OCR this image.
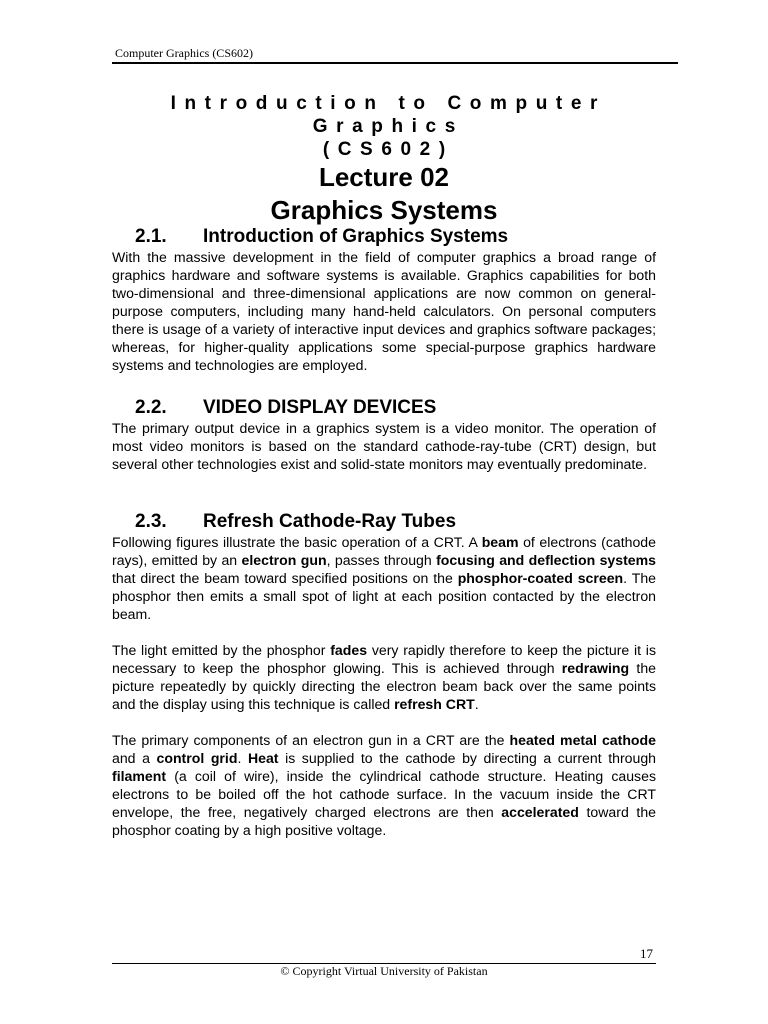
Computer Graphics (CS602)
Introduction to Computer Graphics
(CS602)
Lecture 02
Graphics Systems
2.1. Introduction of Graphics Systems

With the massive development in the field of computer graphics a broad range of graphics hardware and software systems is available. Graphics capabilities for both two-dimensional and three-dimensional applications are now common on general-purpose computers, including many hand-held calculators. On personal computers there is usage of a variety of interactive input devices and graphics software packages; whereas, for higher-quality applications some special-purpose graphics hardware systems and technologies are employed.

2.2. VIDEO DISPLAY DEVICES

The primary output device in a graphics system is a video monitor. The operation of most video monitors is based on the standard cathode-ray-tube (CRT) design, but several other technologies exist and solid-state monitors may eventually predominate.

2.3. Refresh Cathode-Ray Tubes

Following figures illustrate the basic operation of a CRT. A beam of electrons (cathode rays), emitted by an electron gun, passes through focusing and deflection systems that direct the beam toward specified positions on the phosphor-coated screen. The phosphor then emits a small spot of light at each position contacted by the electron beam.

The light emitted by the phosphor fades very rapidly therefore to keep the picture it is necessary to keep the phosphor glowing. This is achieved through redrawing the picture repeatedly by quickly directing the electron beam back over the same points and the display using this technique is called refresh CRT.

The primary components of an electron gun in a CRT are the heated metal cathode and a control grid. Heat is supplied to the cathode by directing a current through filament (a coil of wire), inside the cylindrical cathode structure. Heating causes electrons to be boiled off the hot cathode surface. In the vacuum inside the CRT envelope, the free, negatively charged electrons are then accelerated toward the phosphor coating by a high positive voltage.

17
© Copyright Virtual University of Pakistan
